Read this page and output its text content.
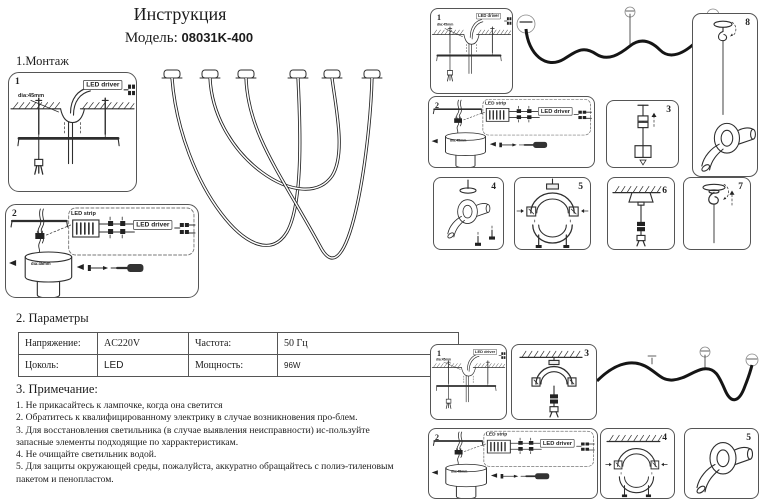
Инструкция
Модель: 08031K-400
1.Монтаж
1
dia:45mm
LED driver
2	LED strip
LED driver
dia:45mm
2. Параметры
Напряжение:	AC220V	Частота:	50 Гц
Цоколь:	LED	Мощность:	96W
3. Примечание:
1. Не прикасайтесь к лампочке, когда она светится
2. Обратитесь к квалифицированному электрику в случае возникновения про-блем.
3. Для восстановления светильника (в случае выявления неисправности) ис-пользуйте запасные элементы подходящие по харрактеристикам.
4. Не очищайте светильник водой.
5. Для защиты окружающей среды, пожалуйста, аккуратно обращайтесь с полиэ-тиленовым пакетом и пенопластом.
1
dia:45mm
LED driver
8
2	LED strip
LED driver
dia:45mm
3
4	5	6	7
1
dia:45mm
LED driver	3
2	LED strip
LED driver
dia:45mm
4	5
